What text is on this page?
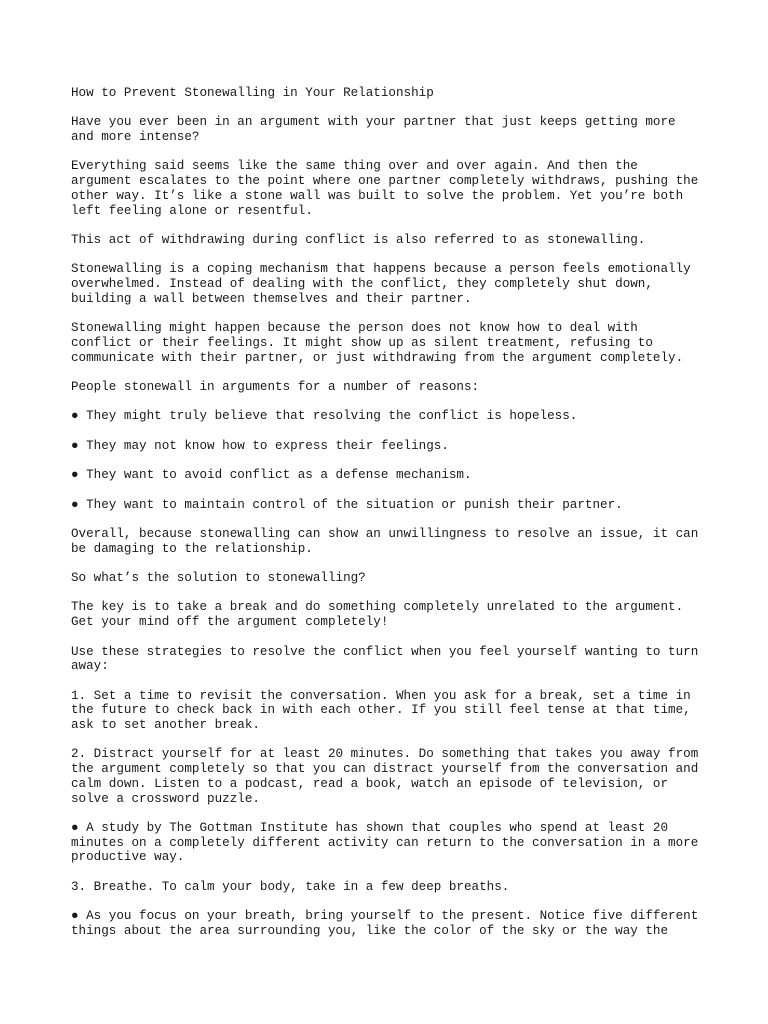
How to Prevent Stonewalling in Your Relationship

Have you ever been in an argument with your partner that just keeps getting more
and more intense?

Everything said seems like the same thing over and over again. And then the
argument escalates to the point where one partner completely withdraws, pushing the
other way. It’s like a stone wall was built to solve the problem. Yet you’re both
left feeling alone or resentful.

This act of withdrawing during conflict is also referred to as stonewalling.

Stonewalling is a coping mechanism that happens because a person feels emotionally
overwhelmed. Instead of dealing with the conflict, they completely shut down,
building a wall between themselves and their partner.

Stonewalling might happen because the person does not know how to deal with
conflict or their feelings. It might show up as silent treatment, refusing to
communicate with their partner, or just withdrawing from the argument completely.

People stonewall in arguments for a number of reasons:

● They might truly believe that resolving the conflict is hopeless.

● They may not know how to express their feelings.

● They want to avoid conflict as a defense mechanism.

● They want to maintain control of the situation or punish their partner.

Overall, because stonewalling can show an unwillingness to resolve an issue, it can
be damaging to the relationship.

So what’s the solution to stonewalling?

The key is to take a break and do something completely unrelated to the argument.
Get your mind off the argument completely!

Use these strategies to resolve the conflict when you feel yourself wanting to turn
away:

1. Set a time to revisit the conversation. When you ask for a break, set a time in
the future to check back in with each other. If you still feel tense at that time,
ask to set another break.

2. Distract yourself for at least 20 minutes. Do something that takes you away from
the argument completely so that you can distract yourself from the conversation and
calm down. Listen to a podcast, read a book, watch an episode of television, or
solve a crossword puzzle.

● A study by The Gottman Institute has shown that couples who spend at least 20
minutes on a completely different activity can return to the conversation in a more
productive way.

3. Breathe. To calm your body, take in a few deep breaths.

● As you focus on your breath, bring yourself to the present. Notice five different
things about the area surrounding you, like the color of the sky or the way the
